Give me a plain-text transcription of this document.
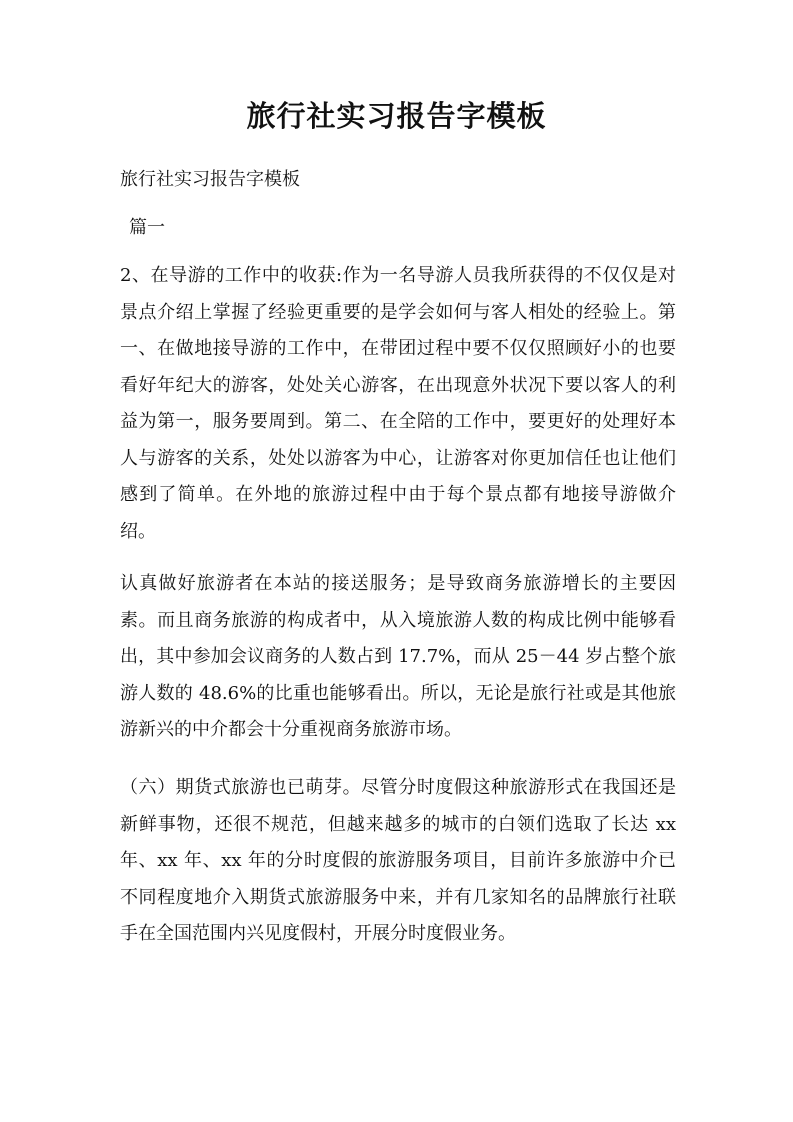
旅行社实习报告字模板
旅行社实习报告字模板
篇一

2、在导游的工作中的收获:作为一名导游人员我所获得的不仅仅是对景点介绍上掌握了经验更重要的是学会如何与客人相处的经验上。第一、在做地接导游的工作中，在带团过程中要不仅仅照顾好小的也要看好年纪大的游客，处处关心游客，在出现意外状况下要以客人的利益为第一，服务要周到。第二、在全陪的工作中，要更好的处理好本人与游客的关系，处处以游客为中心，让游客对你更加信任也让他们感到了简单。在外地的旅游过程中由于每个景点都有地接导游做介绍。

认真做好旅游者在本站的接送服务；是导致商务旅游增长的主要因素。而且商务旅游的构成者中，从入境旅游人数的构成比例中能够看出，其中参加会议商务的人数占到 17.7%，而从 25－44 岁占整个旅游人数的 48.6%的比重也能够看出。所以，无论是旅行社或是其他旅游新兴的中介都会十分重视商务旅游市场。

（六）期货式旅游也已萌芽。尽管分时度假这种旅游形式在我国还是新鲜事物，还很不规范，但越来越多的城市的白领们选取了长达 xx 年、xx 年、xx 年的分时度假的旅游服务项目，目前许多旅游中介已不同程度地介入期货式旅游服务中来，并有几家知名的品牌旅行社联手在全国范围内兴见度假村，开展分时度假业务。
